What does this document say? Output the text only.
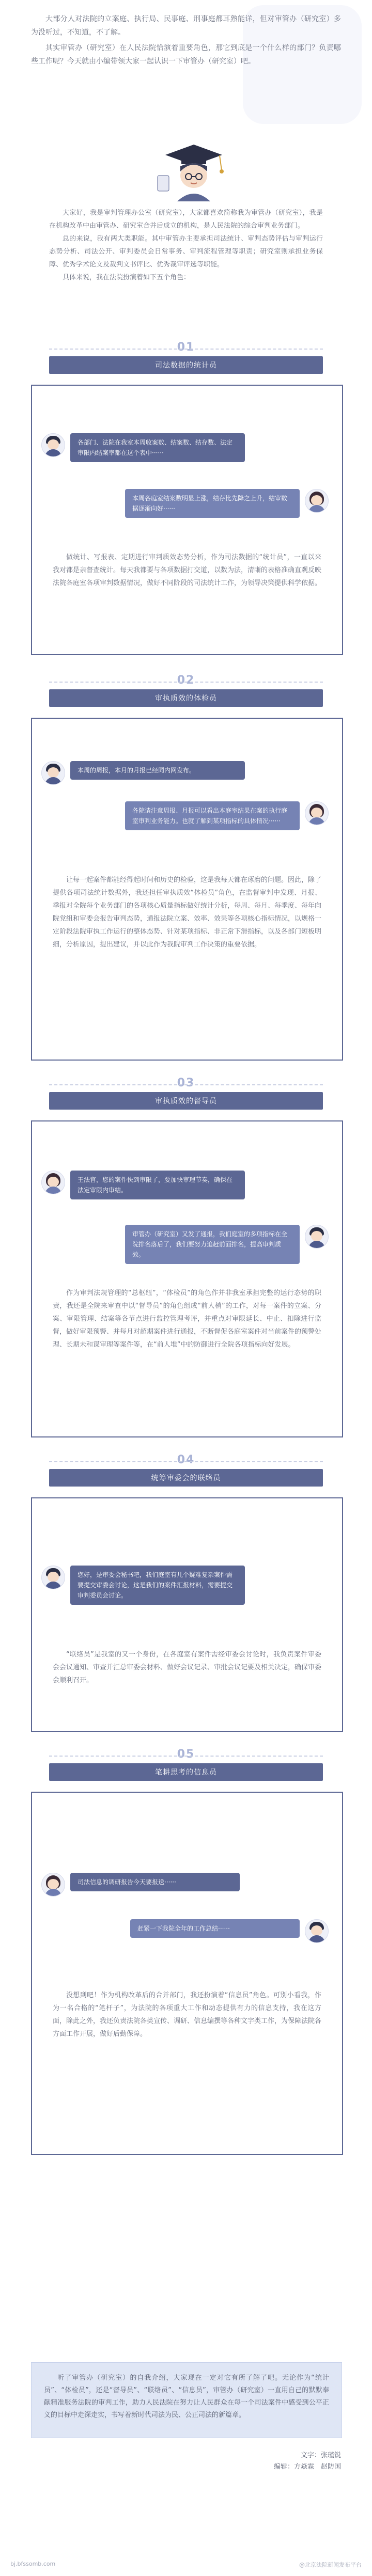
大部分人对法院的立案庭、执行局、民事庭、刑事庭都耳熟能详，但对审管办（研究室）多为没听过，不知道，不了解。

其实审管办（研究室）在人民法院恰演着重要角色，那它到底是一个什么样的部门？负责哪些工作呢？今天就由小编带领大家一起认识一下审管办（研究室）吧。

大家好，我是审判管理办公室（研究室），大家都喜欢简称我为审管办（研究室），我是在机构改革中由审管办、研究室合并后成立的机构，是人民法院的综合审判业务部门。

总的来说，我有两大类职能。其中审管办主要承担司法统计、审判态势评估与审判运行态势分析、司法公开、审判委员会日常事务、审判流程管理等职责；研究室则承担业务保障、优秀学术论文及裁判文书评比、优秀裁审评选等职能。

具体来说，我在法院扮演着如下五个角色：

01
司法数据的统计员
各部门、法院在我室本周收案数、结案数、结存数、法定审限内结案率都在这个表中······
本周各庭室结案数明显上涨，结存比先降之上升，结审数据逐渐向好······

做统计、写报表、定期进行审判质效态势分析，作为司法数据的“统计员”，一直以来我对都是亲督查统计。每天我都要与各项数据打交道，以数为法，清晰的表格准确直观反映法院各庭室各项审判数据情况，做好不同阶段的司法统计工作，为领导决策提供科学依据。

02
审执质效的体检员
本周的周报，本月的月报已经同内网发布。
各院请注意周报、月报可以看出本庭室结果在案的执行庭室审判业务能力。也就了解到某项指标的具体情况······

让每一起案件都能经得起时间和历史的检验，这是我每天都在琢磨的问题。因此，除了提供各项司法统计数据外，我还担任审执质效“体检员”角色，在监督审判中发现、月报、季报对全院每个业务部门的各项核心质量指标做好统计分析，每周、每月、每季度、每年向院党组和审委会报告审判态势，通报法院立案、效率、效果等各项核心指标情况，以规格一定阶段法院审执工作运行的整体态势、针对某项指标、非正常下滑指标，以及各部门短板明细，分析原因，提出建议，并以此作为我院审判工作决策的重要依据。

03
审执质效的督导员
王法官，您的案件快到审限了，要加快审理节奏，确保在法定审限内审结。
审管办（研究室）又发了通报，我们庭室的多项指标在全院排名落后了，我们要努力追赶前面排名，提高审判质效。

作为审判法规管理的“总枢纽”，“体检员”的角色作并非我室承担完整的运行态势的职责，我还是全院来审查中以“督导员”的角色组成“前人梢”的工作，对每一案件的立案、分案、审限管理、结案等各节点进行监控管理考评，并重点对审限延长、中止、扣除进行监督，做好审限预警、并每月对超期案件进行通报，不断督促各庭室案件对当前案件的预警处理、长期未和谋审理等案件等，在“前人堆”中的防御进行全院各项指标向好发展。

04
统筹审委会的联络员
您好，是审委会秘书吧，我们庭室有几个疑难复杂案件需要提交审委会讨论，这是我们的案件汇报材料，需要提交审判委员会讨论。

“联络员”是我室的又一个身份，在各庭室有案件需经审委会讨论时，我负责案件审委会会议通知、审查并汇总审委会材料、做好会议记录、审批会议记要及相关决定，确保审委会顺利召开。

05
笔耕思考的信息员
司法信息的调研报告今天要报送······
赶紧一下我院全年的工作总结······

没想到吧！作为机构改革后的合并部门，我还扮演着“信息员”角色。可别小看我，作为一名合格的“笔杆子”，为法院的各项重大工作和动态提供有力的信息支持，我在这方面，除此之外，我还负责法院各类宣传、调研、信息编撰等各种文字类工作，为保障法院各方面工作开展，做好后勤保障。

听了审管办（研究室）的自我介绍，大家现在一定对它有所了解了吧。无论作为“统计员”、“体检员”，还是“督导员”、“联络员”、“信息员”，审管办（研究室）一直用自己的默默奉献精准服务法院的审判工作，助力人民法院在努力让人民群众在每一个司法案件中感受到公平正义的目标中走深走实，书写着新时代司法为民、公正司法的新篇章。

文字：张瑾锐
编辑：方焱霖　赵防国
bj.bfssomb.com	@北京法院新闻发布平台
